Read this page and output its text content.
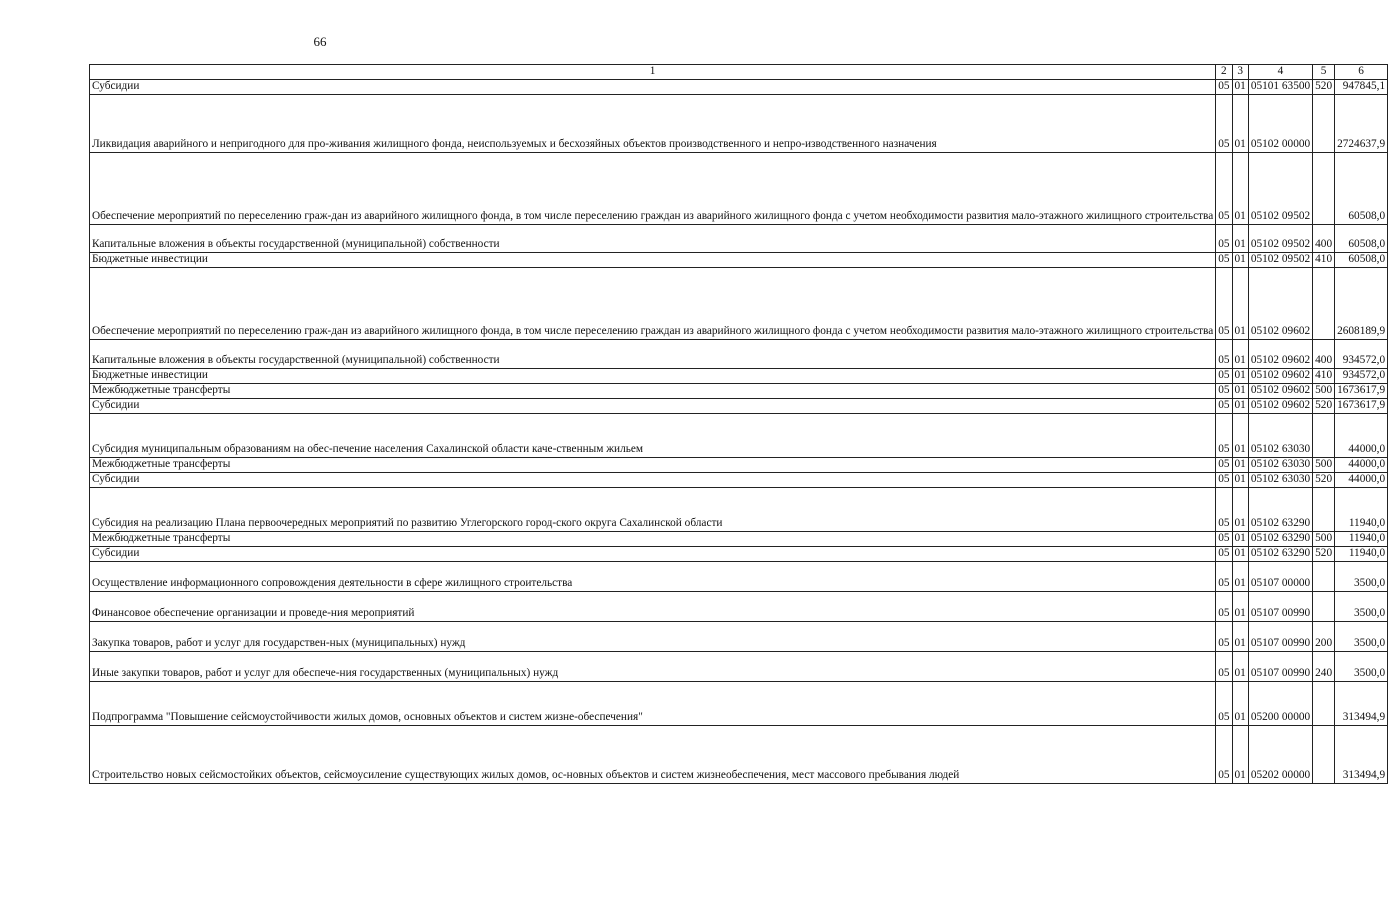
66
1	2	3	4	5	6
Субсидии	05	01	05101 63500	520	947845,1
Ликвидация аварийного и непригодного для про-живания жилищного фонда, неиспользуемых и бесхозяйных объектов производственного и непро-изводственного назначения	05	01	05102 00000		2724637,9
Обеспечение мероприятий по переселению граж-дан из аварийного жилищного фонда, в том числе переселению граждан из аварийного жилищного фонда с учетом необходимости развития мало-этажного жилищного строительства	05	01	05102 09502		60508,0
Капитальные вложения в объекты государственной (муниципальной) собственности	05	01	05102 09502	400	60508,0
Бюджетные инвестиции	05	01	05102 09502	410	60508,0
Обеспечение мероприятий по переселению граж-дан из аварийного жилищного фонда, в том числе переселению граждан из аварийного жилищного фонда с учетом необходимости развития мало-этажного жилищного строительства	05	01	05102 09602		2608189,9
Капитальные вложения в объекты государственной (муниципальной) собственности	05	01	05102 09602	400	934572,0
Бюджетные инвестиции	05	01	05102 09602	410	934572,0
Межбюджетные трансферты	05	01	05102 09602	500	1673617,9
Субсидии	05	01	05102 09602	520	1673617,9
Субсидия муниципальным образованиям на обес-печение населения Сахалинской области каче-ственным жильем	05	01	05102 63030		44000,0
Межбюджетные трансферты	05	01	05102 63030	500	44000,0
Субсидии	05	01	05102 63030	520	44000,0
Субсидия на реализацию Плана первоочередных мероприятий по развитию Углегорского город-ского округа Сахалинской области	05	01	05102 63290		11940,0
Межбюджетные трансферты	05	01	05102 63290	500	11940,0
Субсидии	05	01	05102 63290	520	11940,0
Осуществление информационного сопровождения деятельности в сфере жилищного строительства	05	01	05107 00000		3500,0
Финансовое обеспечение организации и проведе-ния мероприятий	05	01	05107 00990		3500,0
Закупка товаров, работ и услуг для государствен-ных (муниципальных) нужд	05	01	05107 00990	200	3500,0
Иные закупки товаров, работ и услуг для обеспече-ния государственных (муниципальных) нужд	05	01	05107 00990	240	3500,0
Подпрограмма "Повышение сейсмоустойчивости жилых домов, основных объектов и систем жизне-обеспечения"	05	01	05200 00000		313494,9
Строительство новых сейсмостойких объектов, сейсмоусиление существующих жилых домов, ос-новных объектов и систем жизнеобеспечения, мест массового пребывания людей	05	01	05202 00000		313494,9
